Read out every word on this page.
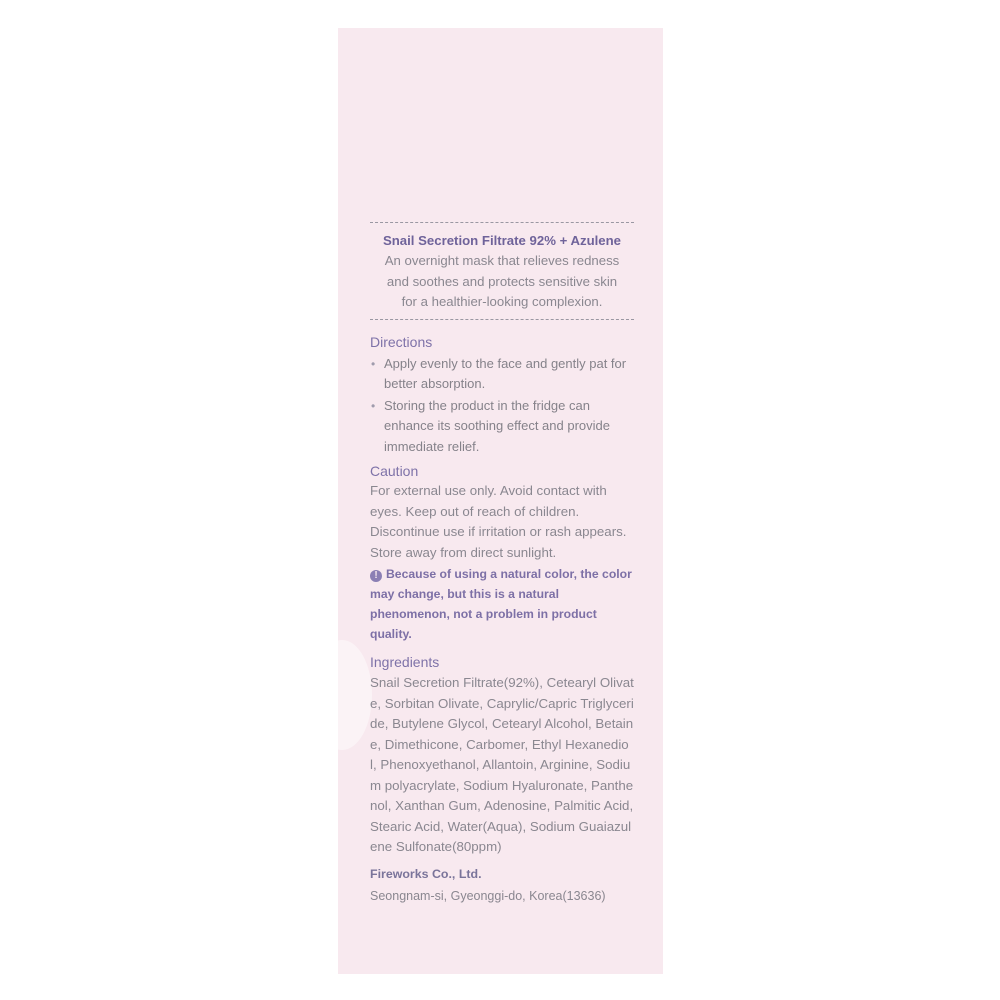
Snail Secretion Filtrate 92% + Azulene
An overnight mask that relieves redness
and soothes and protects sensitive skin
for a healthier-looking complexion.
Directions
• Apply evenly to the face and gently pat for better absorption.
• Storing the product in the fridge can enhance its soothing effect and provide immediate relief.
Caution
For external use only. Avoid contact with eyes. Keep out of reach of children. Discontinue use if irritation or rash appears. Store away from direct sunlight.
! Because of using a natural color, the color may change, but this is a natural phenomenon, not a problem in product quality.
Ingredients
Snail Secretion Filtrate(92%), Cetearyl Olivate, Sorbitan Olivate, Caprylic/Capric Triglyceride, Butylene Glycol, Cetearyl Alcohol, Betaine, Dimethicone, Carbomer, Ethyl Hexanediol, Phenoxyethanol, Allantoin, Arginine, Sodium polyacrylate, Sodium Hyaluronate, Panthenol, Xanthan Gum, Adenosine, Palmitic Acid, Stearic Acid, Water(Aqua), Sodium Guaiazulene Sulfonate(80ppm)
Fireworks Co., Ltd.
Seongnam-si, Gyeonggi-do, Korea(13636)
